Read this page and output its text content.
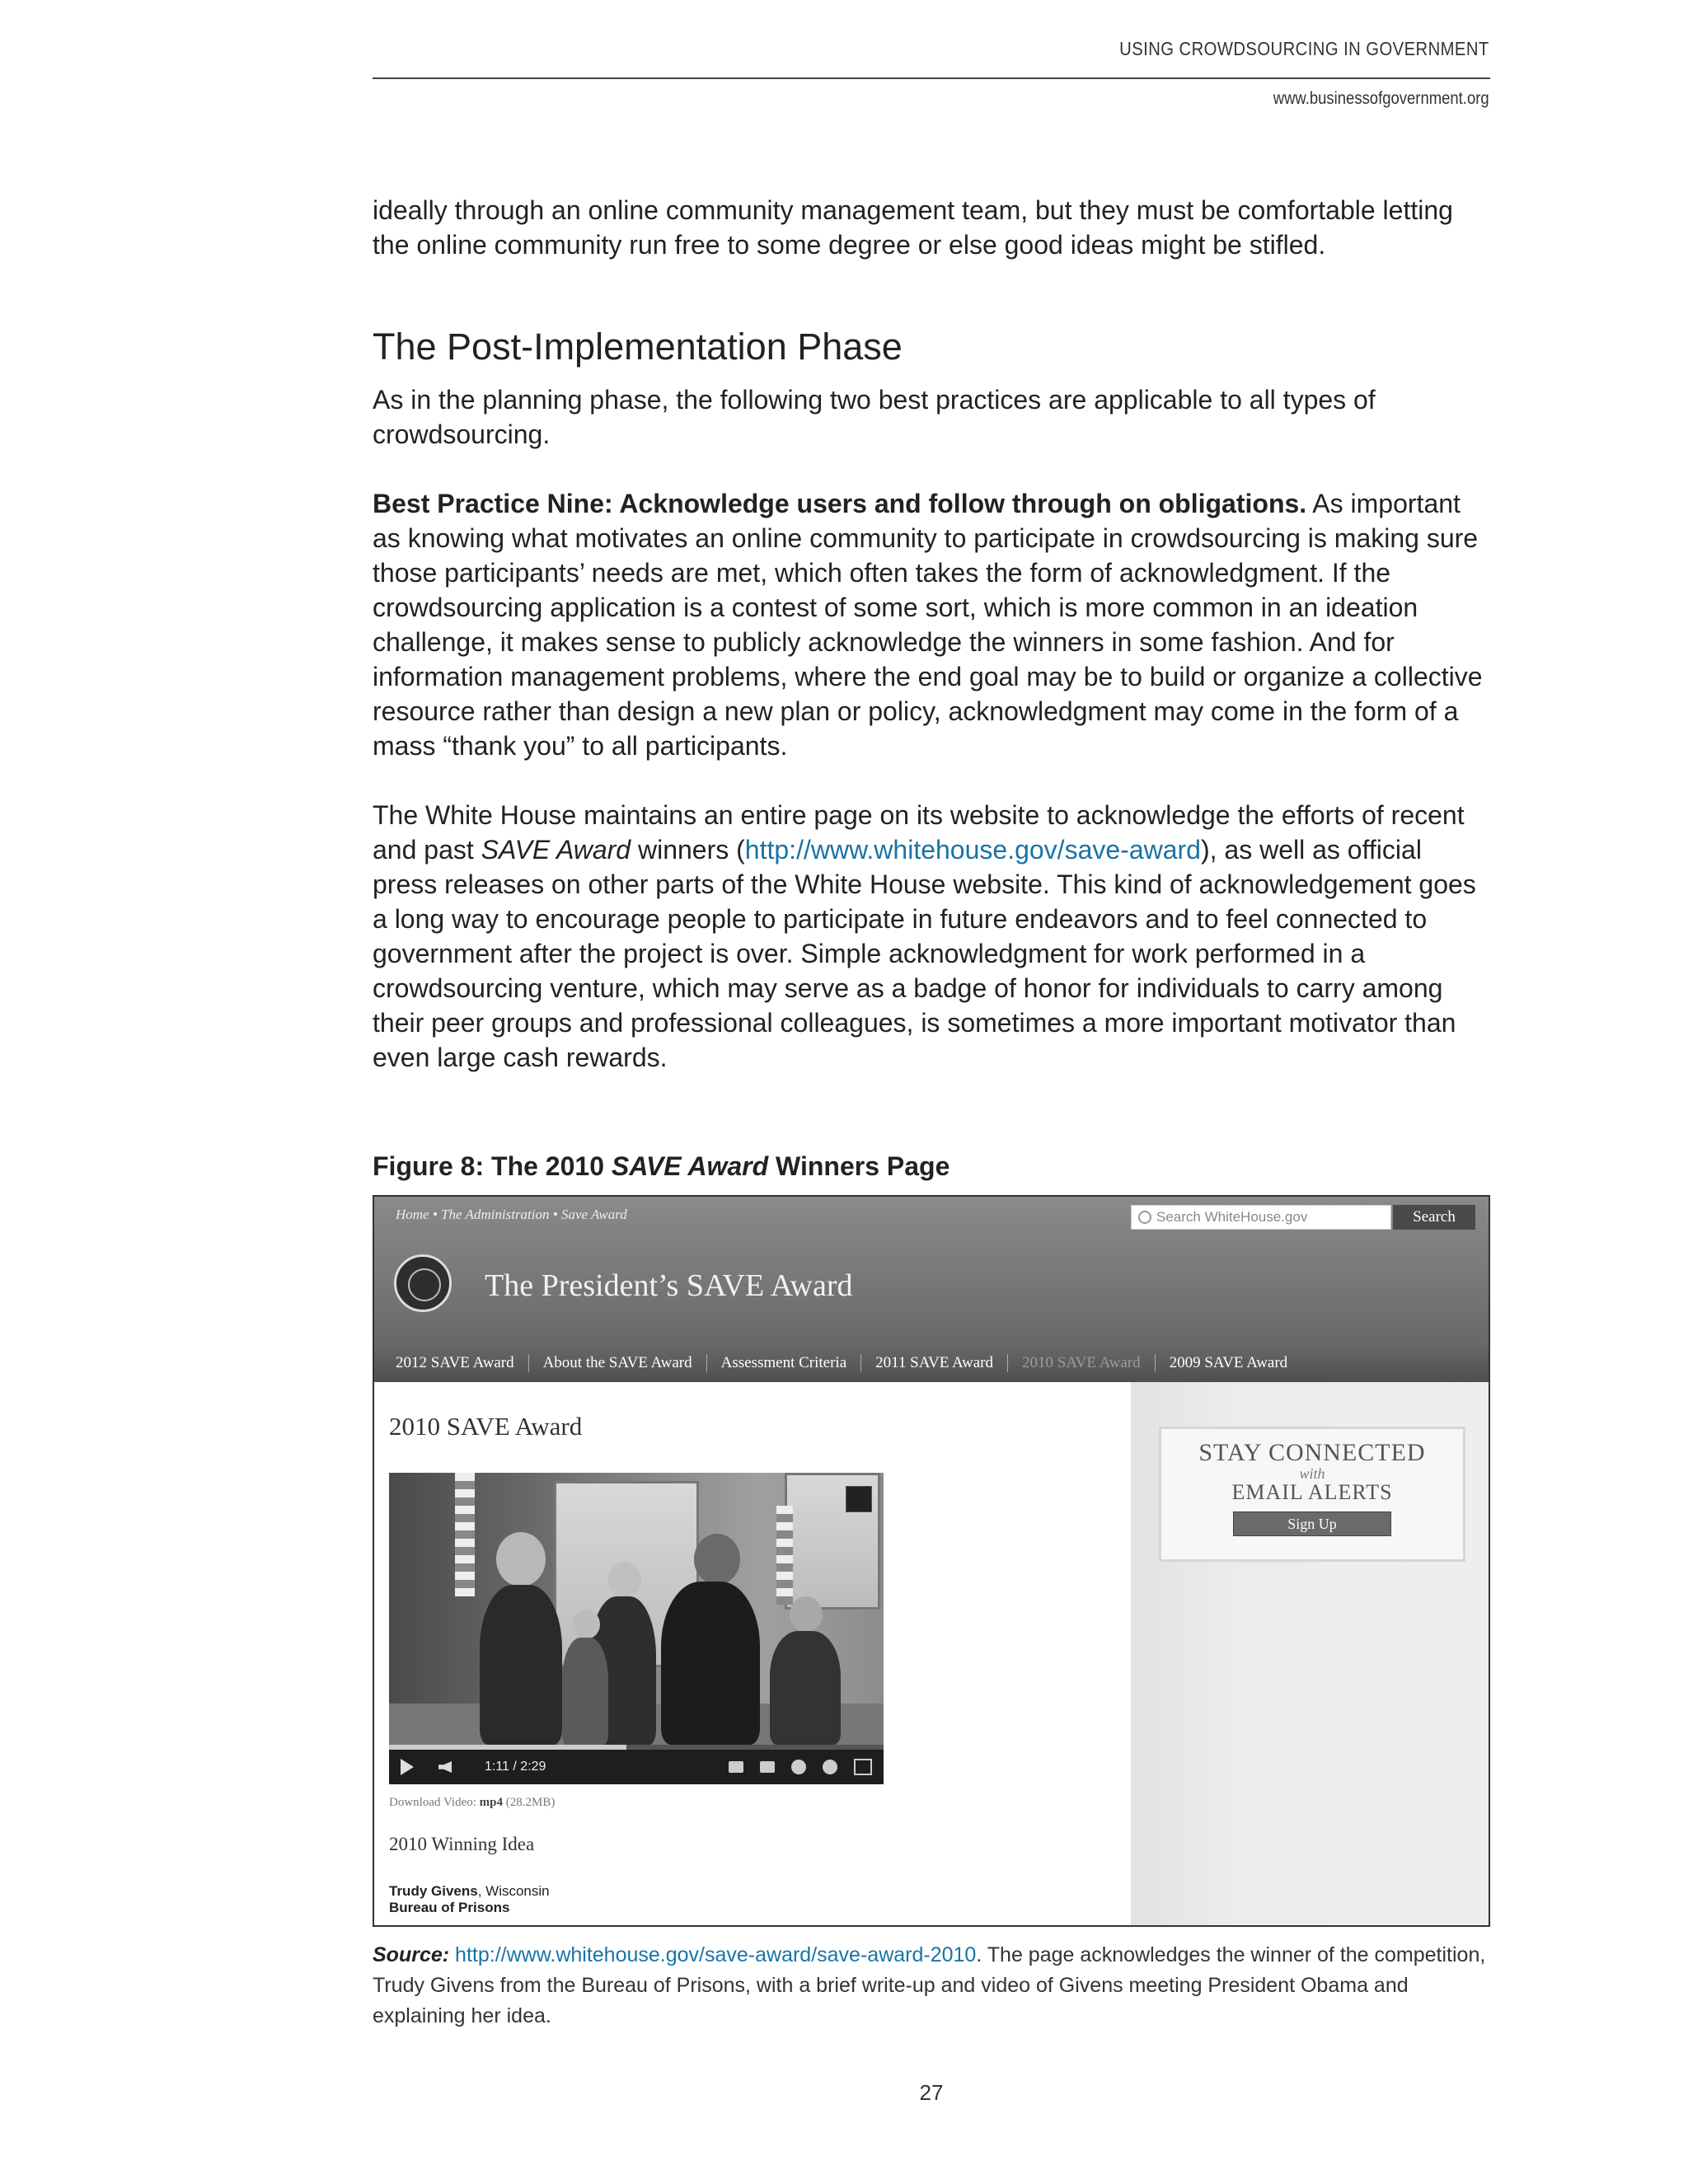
USING CROWDSOURCING IN GOVERNMENT
www.businessofgovernment.org

ideally through an online community management team, but they must be comfortable letting the online community run free to some degree or else good ideas might be stifled.

The Post-Implementation Phase

As in the planning phase, the following two best practices are applicable to all types of crowdsourcing.

Best Practice Nine: Acknowledge users and follow through on obligations. As important as knowing what motivates an online community to participate in crowdsourcing is making sure those participants’ needs are met, which often takes the form of acknowledgment. If the crowdsourcing application is a contest of some sort, which is more common in an ideation challenge, it makes sense to publicly acknowledge the winners in some fashion. And for information management problems, where the end goal may be to build or organize a collective resource rather than design a new plan or policy, acknowledgment may come in the form of a mass “thank you” to all participants.

The White House maintains an entire page on its website to acknowledge the efforts of recent and past SAVE Award winners (http://www.whitehouse.gov/save-award), as well as official press releases on other parts of the White House website. This kind of acknowledgement goes a long way to encourage people to participate in future endeavors and to feel connected to government after the project is over. Simple acknowledgment for work performed in a crowdsourcing venture, which may serve as a badge of honor for individuals to carry among their peer groups and professional colleagues, is sometimes a more important motivator than even large cash rewards.

Figure 8: The 2010 SAVE Award Winners Page
Home • The Administration • Save Award	Search WhiteHouse.gov	Search
The President’s SAVE Award
2012 SAVE Award About the SAVE Award Assessment Criteria 2011 SAVE Award 2010 SAVE Award 2009 SAVE Award
2010 SAVE Award
1:11
/ 2:29
Download Video: mp4 (28.2MB)
2010 Winning Idea
Trudy Givens, Wisconsin
Bureau of Prisons
STAY CONNECTED
with
EMAIL ALERTS
Sign Up
Source: http://www.whitehouse.gov/save-award/save-award-2010. The page acknowledges the winner of the competition, Trudy Givens from the Bureau of Prisons, with a brief write-up and video of Givens meeting President Obama and explaining her idea.
27
